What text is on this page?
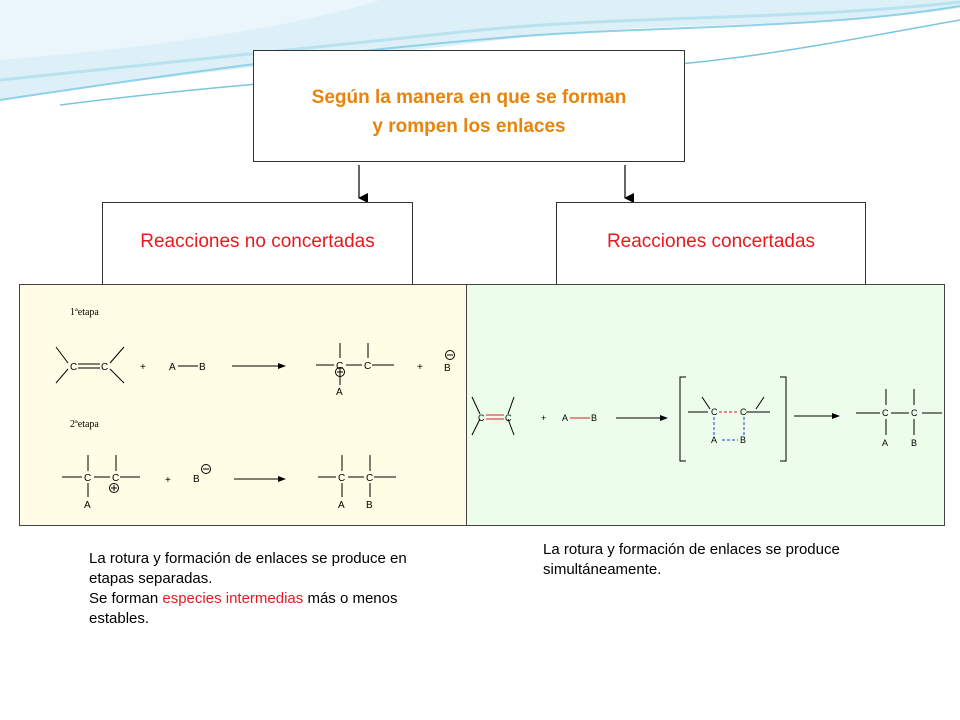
Según la manera en que se forman
y rompen los enlaces
Reacciones no concertadas	Reacciones concertadas
C C	+ A	B
C	C
A	B
C	C
A	B
1ªetapa
2ªetapa
C C	+ A B	C C
A
+ B
C C
A
+ B	C C
A B
La rotura y formación de enlaces se produce en etapas separadas.
Se forman especies intermedias más o menos estables.
La rotura y formación de enlaces se produce simultáneamente.
